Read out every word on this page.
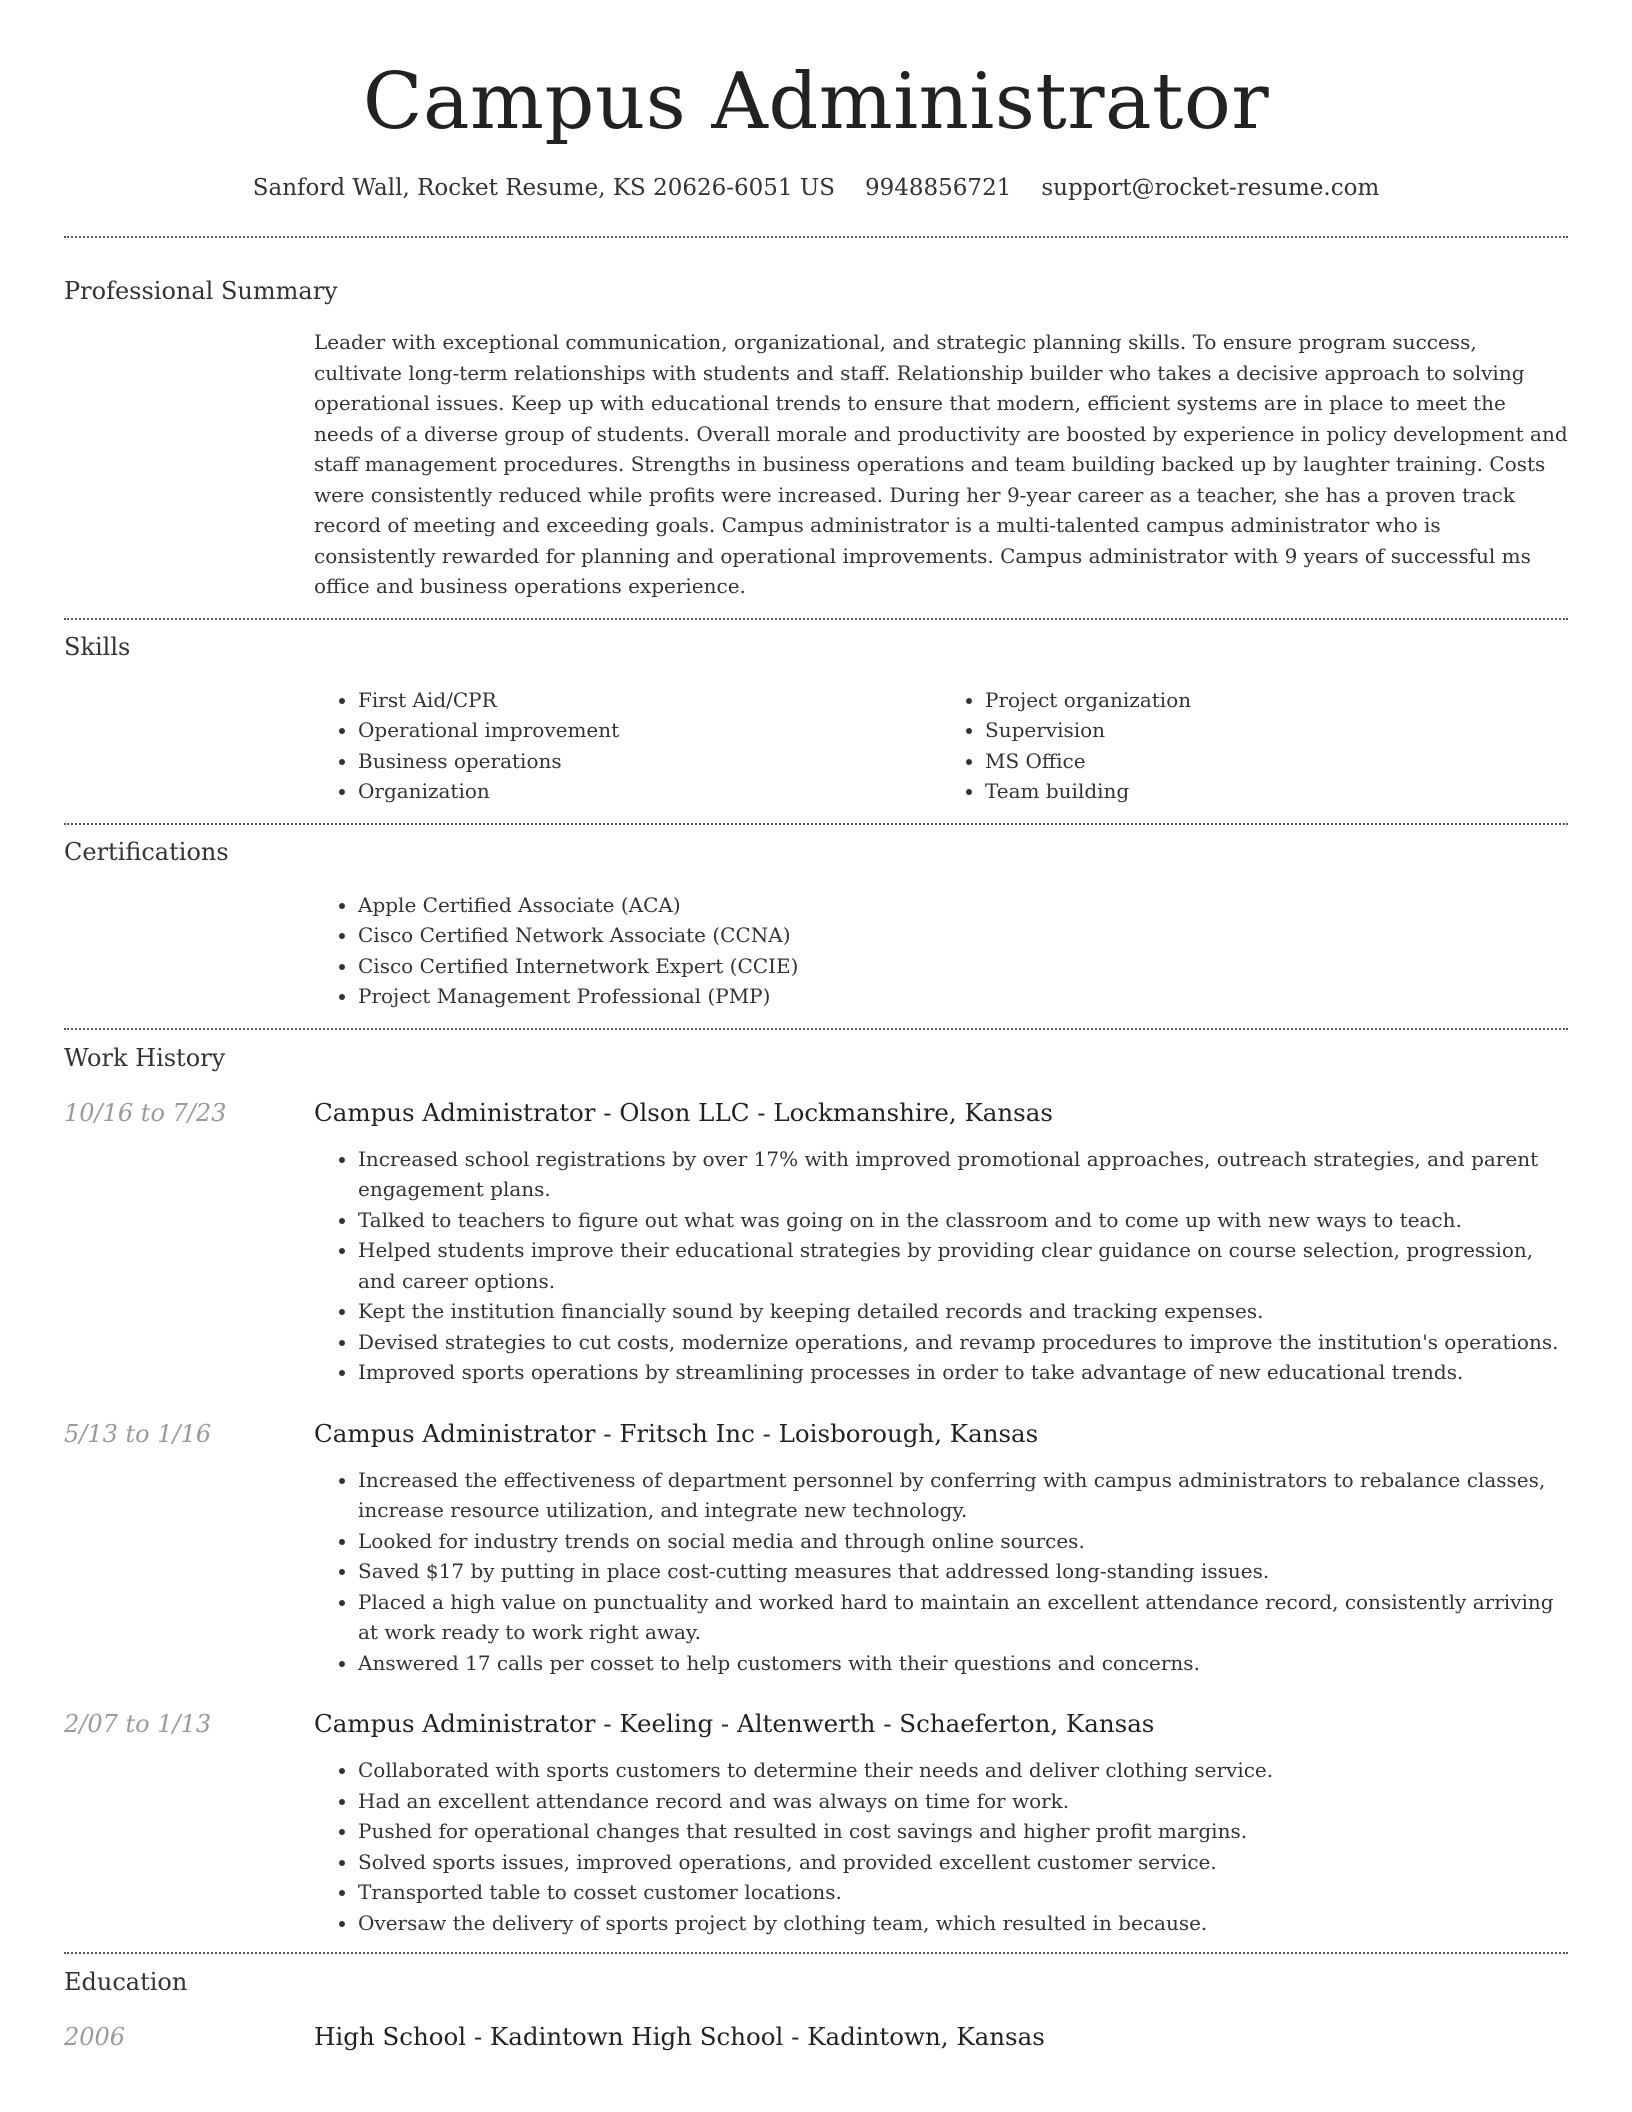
Campus Administrator
Sanford Wall, Rocket Resume, KS 20626-6051 US 9948856721 support@rocket-resume.com
Professional Summary

Leader with exceptional communication, organizational, and strategic planning skills. To ensure program success, cultivate long-term relationships with students and staff. Relationship builder who takes a decisive approach to solving operational issues. Keep up with educational trends to ensure that modern, efficient systems are in place to meet the needs of a diverse group of students. Overall morale and productivity are boosted by experience in policy development and staff management procedures. Strengths in business operations and team building backed up by laughter training. Costs were consistently reduced while profits were increased. During her 9-year career as a teacher, she has a proven track record of meeting and exceeding goals. Campus administrator is a multi-talented campus administrator who is consistently rewarded for planning and operational improvements. Campus administrator with 9 years of successful ms office and business operations experience.

Skills
• First Aid/CPR
• Operational improvement
• Business operations
• Organization
• Project organization
• Supervision
• MS Office
• Team building
Certifications
• Apple Certified Associate (ACA)
• Cisco Certified Network Associate (CCNA)
• Cisco Certified Internetwork Expert (CCIE)
• Project Management Professional (PMP)
Work History
10/16 to 7/23	Campus Administrator - Olson LLC - Lockmanshire, Kansas
• Increased school registrations by over 17% with improved promotional approaches, outreach strategies, and parent engagement plans.
• Talked to teachers to figure out what was going on in the classroom and to come up with new ways to teach.
• Helped students improve their educational strategies by providing clear guidance on course selection, progression, and career options.
• Kept the institution financially sound by keeping detailed records and tracking expenses.
• Devised strategies to cut costs, modernize operations, and revamp procedures to improve the institution's operations.
• Improved sports operations by streamlining processes in order to take advantage of new educational trends.
5/13 to 1/16	Campus Administrator - Fritsch Inc - Loisborough, Kansas
• Increased the effectiveness of department personnel by conferring with campus administrators to rebalance classes, increase resource utilization, and integrate new technology.
• Looked for industry trends on social media and through online sources.
• Saved $17 by putting in place cost-cutting measures that addressed long-standing issues.
• Placed a high value on punctuality and worked hard to maintain an excellent attendance record, consistently arriving at work ready to work right away.
• Answered 17 calls per cosset to help customers with their questions and concerns.
2/07 to 1/13	Campus Administrator - Keeling - Altenwerth - Schaeferton, Kansas
• Collaborated with sports customers to determine their needs and deliver clothing service.
• Had an excellent attendance record and was always on time for work.
• Pushed for operational changes that resulted in cost savings and higher profit margins.
• Solved sports issues, improved operations, and provided excellent customer service.
• Transported table to cosset customer locations.
• Oversaw the delivery of sports project by clothing team, which resulted in because.
Education
2006	High School - Kadintown High School - Kadintown, Kansas
